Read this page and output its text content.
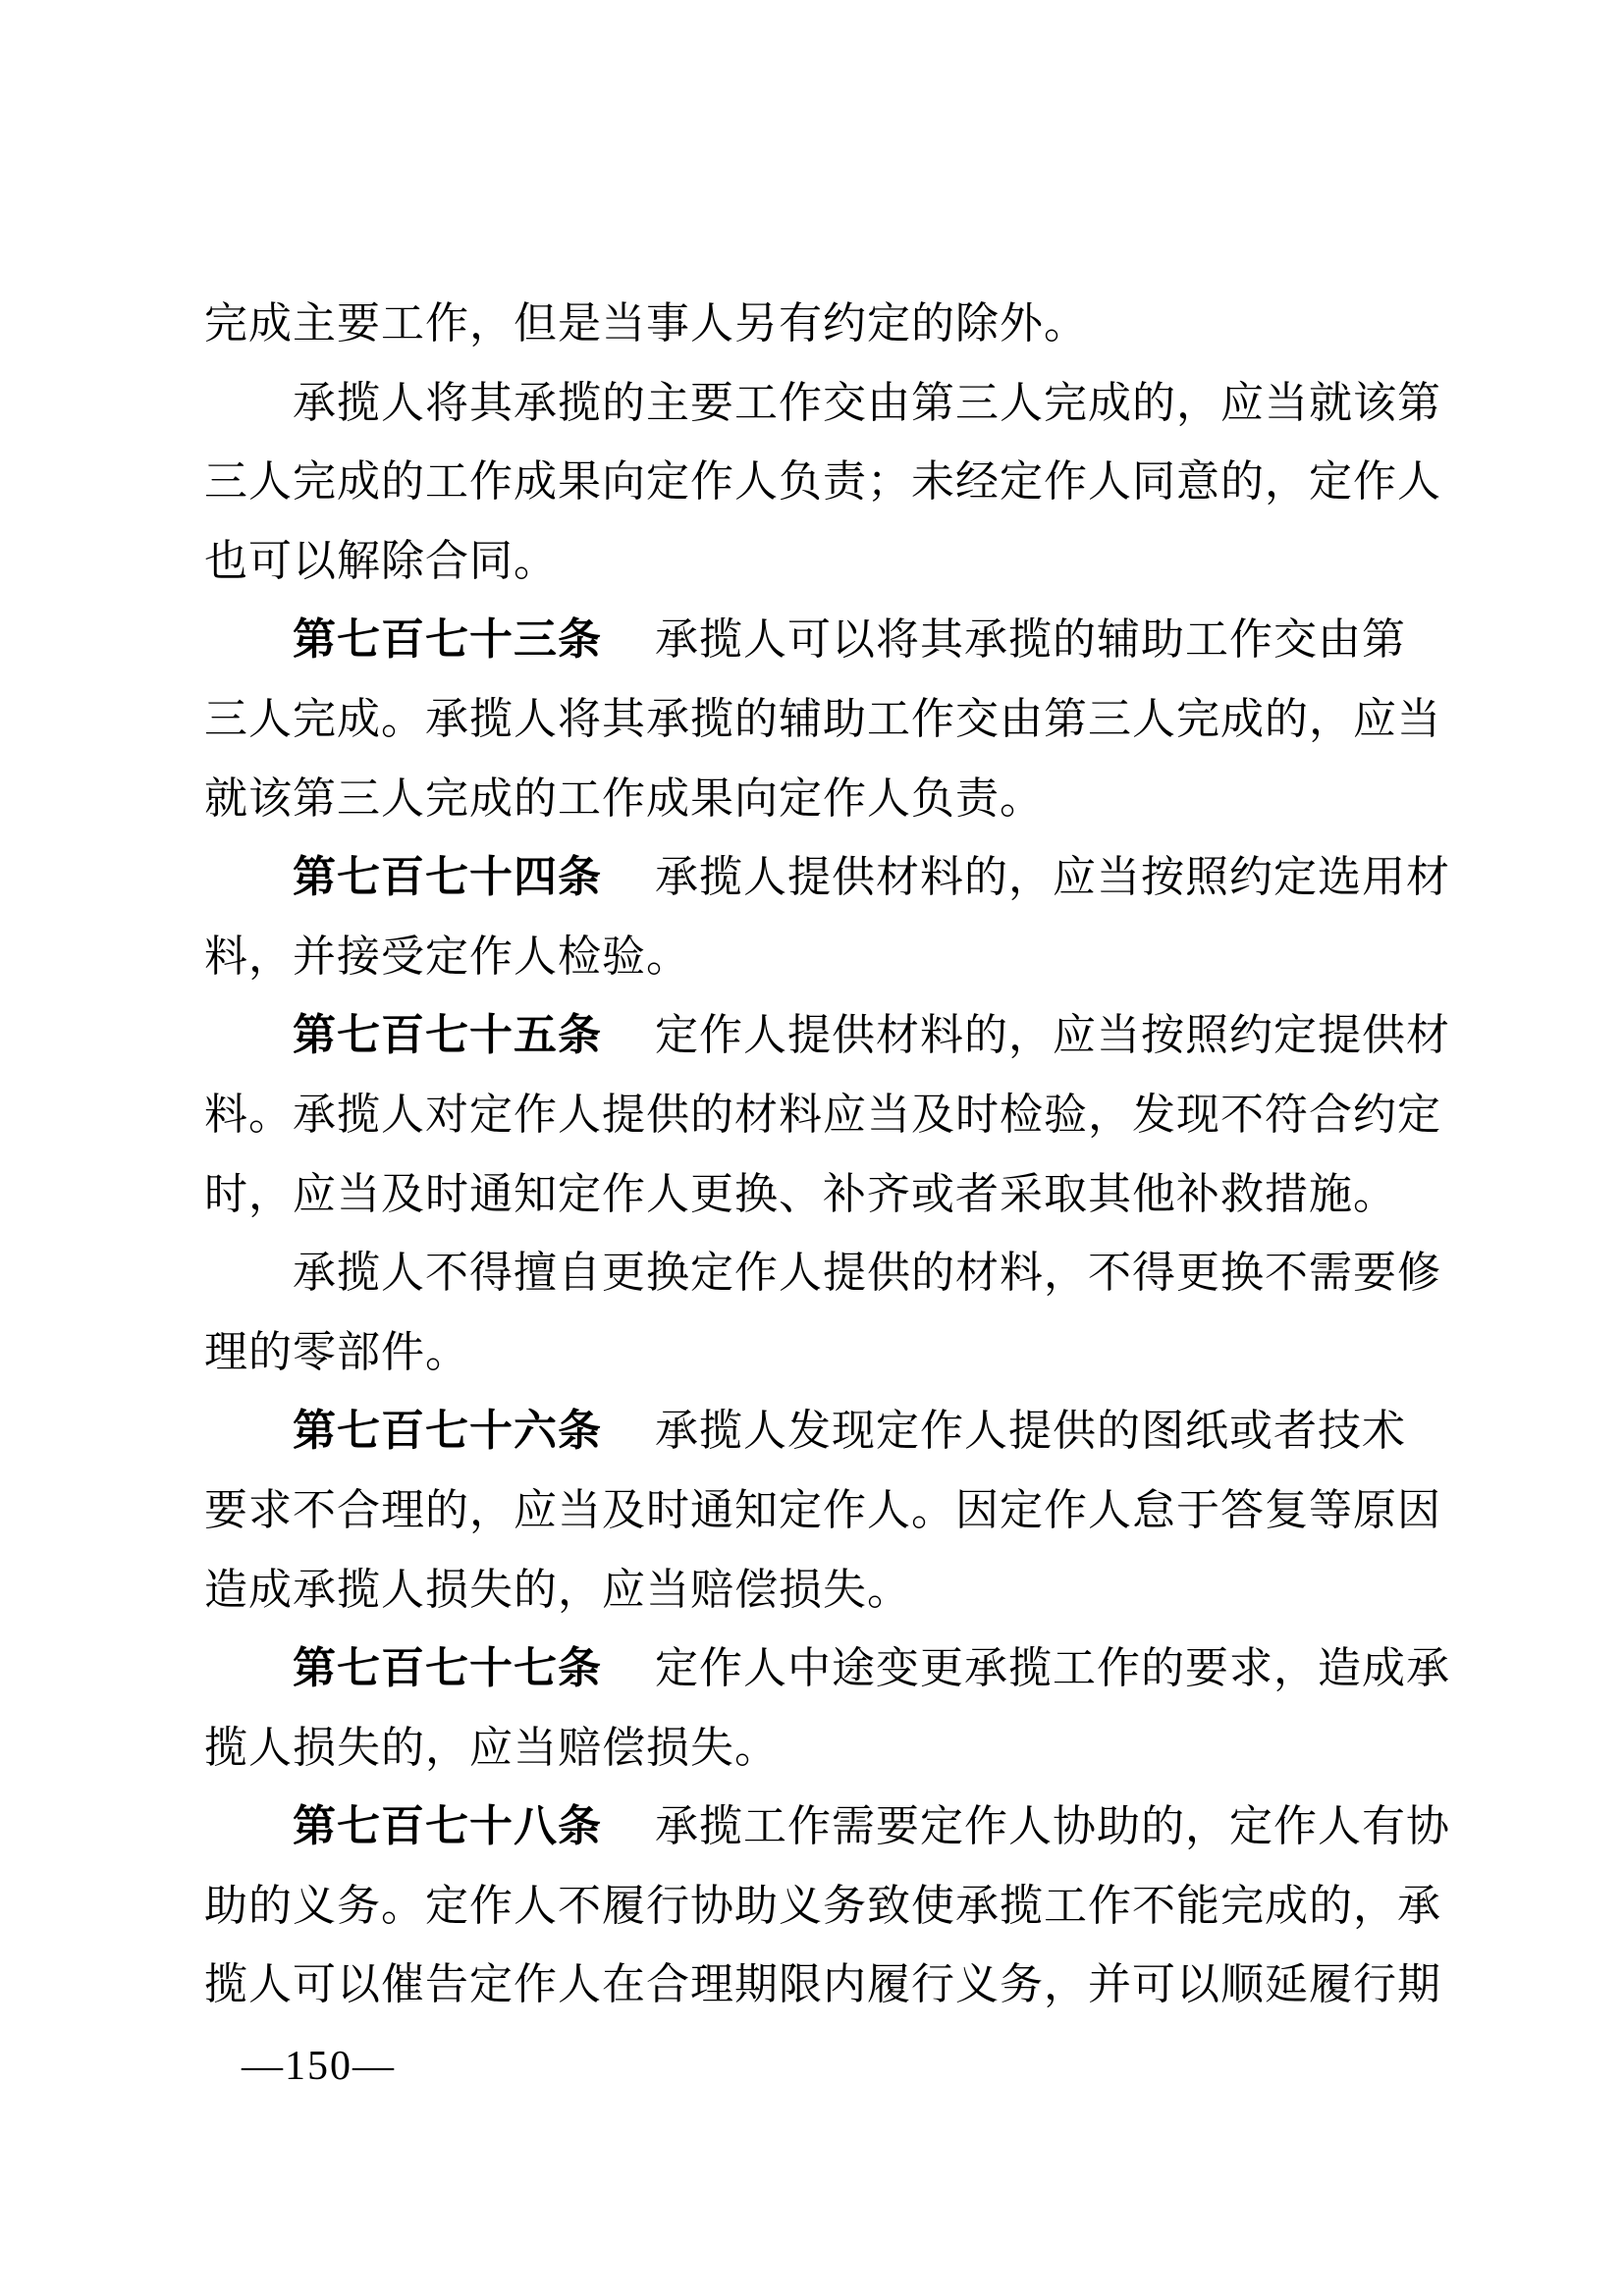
完成主要工作，但是当事人另有约定的除外。
承揽人将其承揽的主要工作交由第三人完成的，应当就该第
三人完成的工作成果向定作人负责；未经定作人同意的，定作人
也可以解除合同。
第七百七十三条 承揽人可以将其承揽的辅助工作交由第
三人完成。承揽人将其承揽的辅助工作交由第三人完成的，应当
就该第三人完成的工作成果向定作人负责。
第七百七十四条 承揽人提供材料的，应当按照约定选用材
料，并接受定作人检验。
第七百七十五条 定作人提供材料的，应当按照约定提供材
料。承揽人对定作人提供的材料应当及时检验，发现不符合约定
时，应当及时通知定作人更换、补齐或者采取其他补救措施。
承揽人不得擅自更换定作人提供的材料，不得更换不需要修
理的零部件。
第七百七十六条 承揽人发现定作人提供的图纸或者技术
要求不合理的，应当及时通知定作人。因定作人怠于答复等原因
造成承揽人损失的，应当赔偿损失。
第七百七十七条 定作人中途变更承揽工作的要求，造成承
揽人损失的，应当赔偿损失。
第七百七十八条 承揽工作需要定作人协助的，定作人有协
助的义务。定作人不履行协助义务致使承揽工作不能完成的，承
揽人可以催告定作人在合理期限内履行义务，并可以顺延履行期
—150—
